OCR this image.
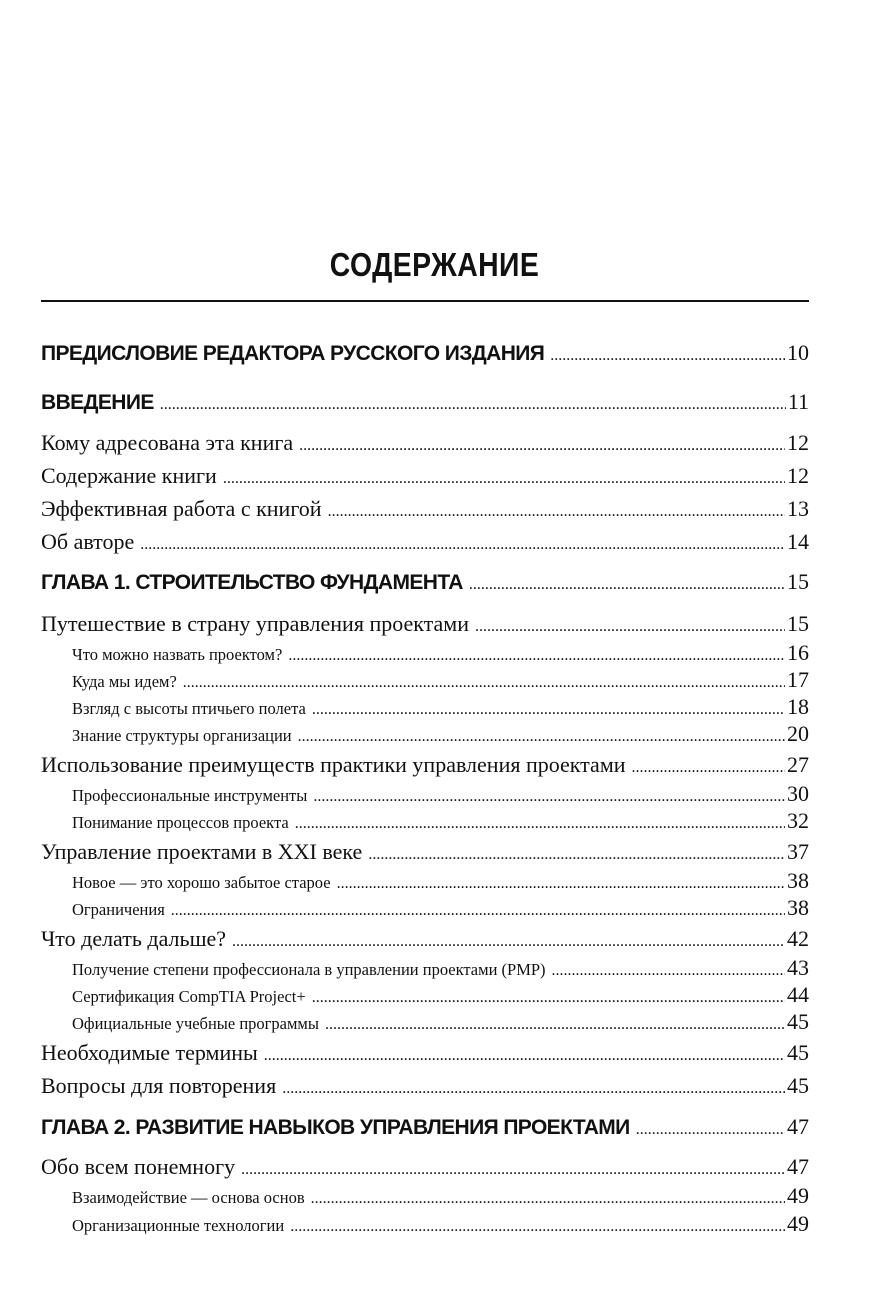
СОДЕРЖАНИЕ
ПРЕДИСЛОВИЕ РЕДАКТОРА РУССКОГО ИЗДАНИЯ . . .	10
ВВЕДЕНИЕ . . .	11
Кому адресована эта книга . . .	12
Содержание книги . . .	12
Эффективная работа с книгой . . .	13
Об авторе . . .	14
ГЛАВА 1. СТРОИТЕЛЬСТВО ФУНДАМЕНТА . . .	15
Путешествие в страну управления проектами . . .	15
Что можно назвать проектом? . . .	16
Куда мы идем? . . .	17
Взгляд с высоты птичьего полета . . .	18
Знание структуры организации . . .	20
Использование преимуществ практики управления проектами . . .	27
Профессиональные инструменты . . .	30
Понимание процессов проекта . . .	32
Управление проектами в XXI веке . . .	37
Новое — это хорошо забытое старое . . .	38
Ограничения . . .	38
Что делать дальше? . . .	42
Получение степени профессионала в управлении проектами (PMP) . . .	43
Сертификация CompTIA Project+ . . .	44
Официальные учебные программы . . .	45
Необходимые термины . . .	45
Вопросы для повторения . . .	45
ГЛАВА 2. РАЗВИТИЕ НАВЫКОВ УПРАВЛЕНИЯ ПРОЕКТАМИ . . .	47
Обо всем понемногу . . .	47
Взаимодействие — основа основ . . .	49
Организационные технологии . . .	49
